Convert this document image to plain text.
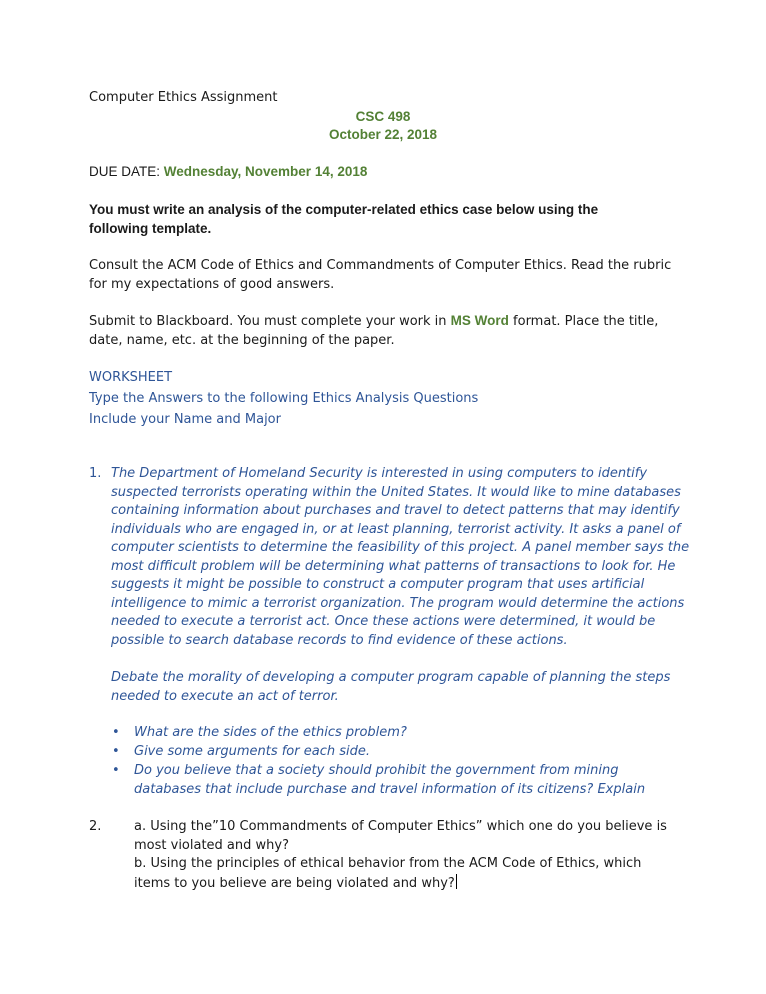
Computer Ethics Assignment
CSC 498
October 22, 2018
DUE DATE: Wednesday, November 14, 2018
You must write an analysis of the computer-related ethics case below using the following template.
Consult the ACM Code of Ethics and Commandments of Computer Ethics. Read the rubric for my expectations of good answers.
Submit to Blackboard. You must complete your work in MS Word format. Place the title, date, name, etc. at the beginning of the paper.
WORKSHEET
Type the Answers to the following Ethics Analysis Questions
Include your Name and Major
1. The Department of Homeland Security is interested in using computers to identify suspected terrorists operating within the United States. It would like to mine databases containing information about purchases and travel to detect patterns that may identify individuals who are engaged in, or at least planning, terrorist activity. It asks a panel of computer scientists to determine the feasibility of this project. A panel member says the most difficult problem will be determining what patterns of transactions to look for. He suggests it might be possible to construct a computer program that uses artificial intelligence to mimic a terrorist organization. The program would determine the actions needed to execute a terrorist act. Once these actions were determined, it would be possible to search database records to find evidence of these actions.
Debate the morality of developing a computer program capable of planning the steps needed to execute an act of terror.
• What are the sides of the ethics problem?
• Give some arguments for each side.
• Do you believe that a society should prohibit the government from mining databases that include purchase and travel information of its citizens? Explain
2.	a. Using the”10 Commandments of Computer Ethics” which one do you believe is most violated and why?
b. Using the principles of ethical behavior from the ACM Code of Ethics, which items to you believe are being violated and why?
